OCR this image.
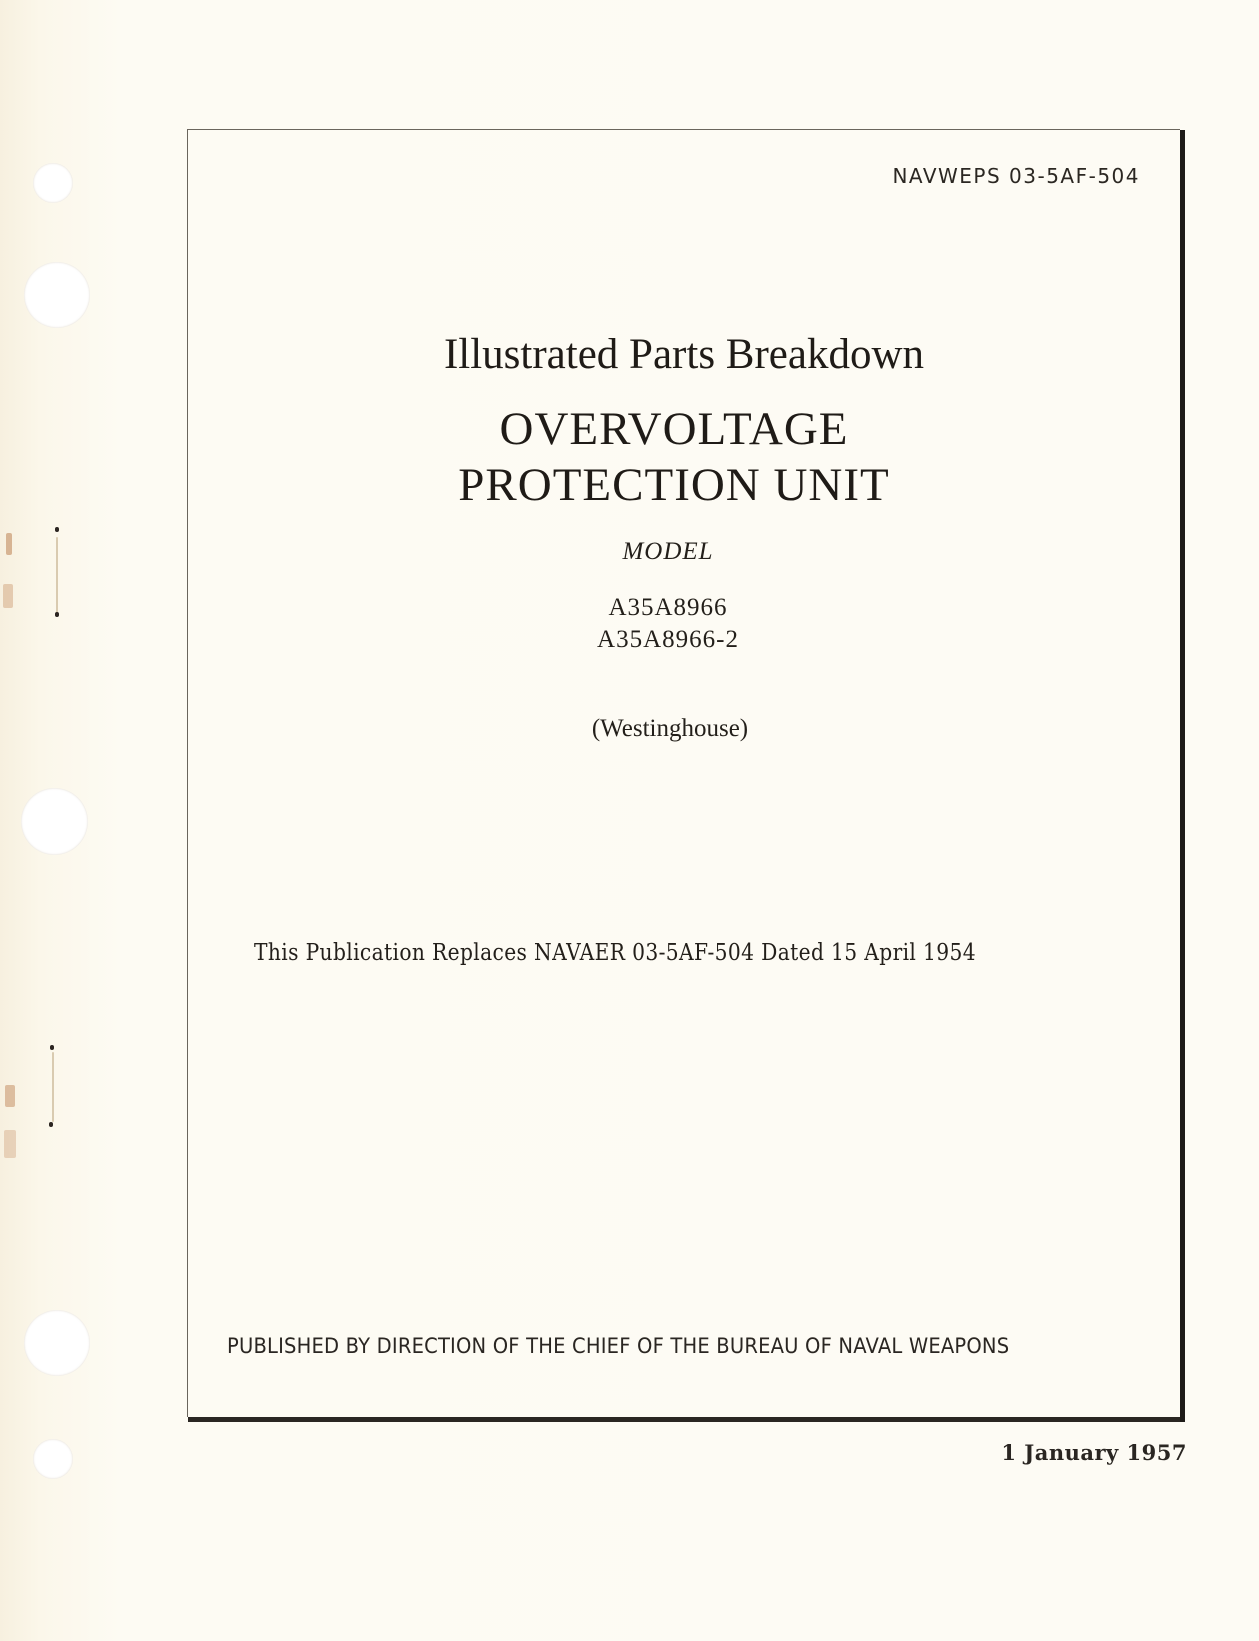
NAVWEPS 03-5AF-504
Illustrated Parts Breakdown
OVERVOLTAGE
PROTECTION UNIT
MODEL
A35A8966
A35A8966-2
(Westinghouse)
This Publication Replaces NAVAER 03-5AF-504 Dated 15 April 1954
PUBLISHED BY DIRECTION OF THE CHIEF OF THE BUREAU OF NAVAL WEAPONS
1 January 1957
